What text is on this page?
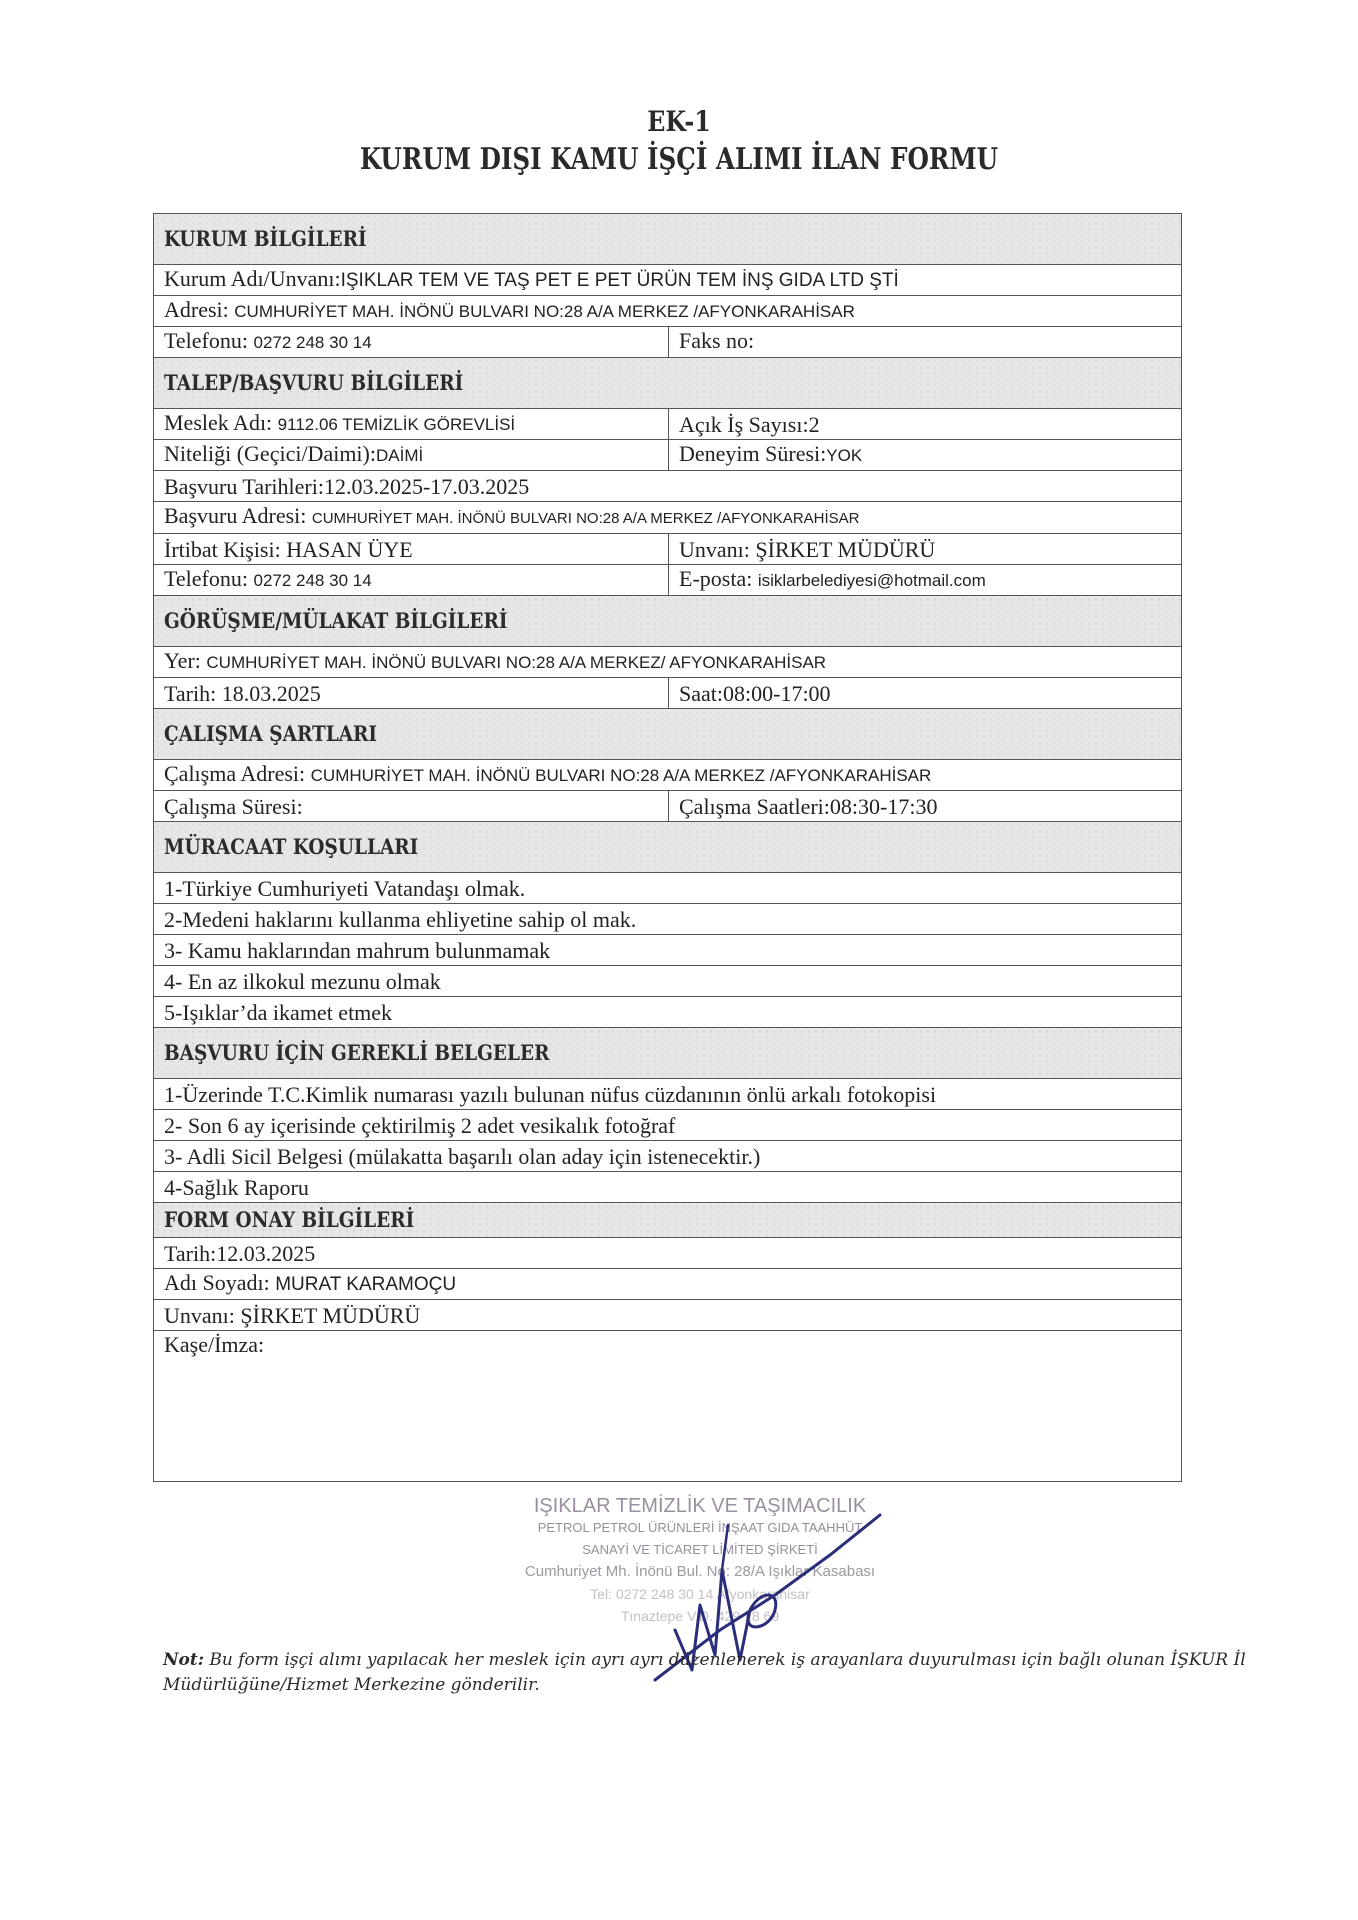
EK-1
KURUM DIŞI KAMU İŞÇİ ALIMI İLAN FORMU
KURUM BİLGİLERİ	
Kurum Adı/Unvanı:IŞIKLAR TEM VE TAŞ PET E PET ÜRÜN TEM İNŞ GIDA LTD ŞTİ	
Adresi: CUMHURİYET MAH. İNÖNÜ BULVARI NO:28 A/A MERKEZ /AFYONKARAHİSAR	
Telefonu: 0272 248 30 14	Faks no:
TALEP/BAŞVURU BİLGİLERİ	
Meslek Adı: 9112.06 TEMİZLİK GÖREVLİSİ	Açık İş Sayısı:2
Niteliği (Geçici/Daimi):DAİMİ	Deneyim Süresi:YOK
Başvuru Tarihleri:12.03.2025-17.03.2025	
Başvuru Adresi: CUMHURİYET MAH. İNÖNÜ BULVARI NO:28 A/A MERKEZ /AFYONKARAHİSAR	
İrtibat Kişisi: HASAN ÜYE	Unvanı: ŞİRKET MÜDÜRÜ
Telefonu: 0272 248 30 14	E-posta: isiklarbelediyesi@hotmail.com
GÖRÜŞME/MÜLAKAT BİLGİLERİ	
Yer: CUMHURİYET MAH. İNÖNÜ BULVARI NO:28 A/A MERKEZ/ AFYONKARAHİSAR	
Tarih: 18.03.2025	Saat:08:00-17:00
ÇALIŞMA ŞARTLARI	
Çalışma Adresi: CUMHURİYET MAH. İNÖNÜ BULVARI NO:28 A/A MERKEZ /AFYONKARAHİSAR	
Çalışma Süresi:	Çalışma Saatleri:08:30-17:30
MÜRACAAT KOŞULLARI	
1-Türkiye Cumhuriyeti Vatandaşı olmak.	
2-Medeni haklarını kullanma ehliyetine sahip ol mak.	
3- Kamu haklarından mahrum bulunmamak	
4- En az ilkokul mezunu olmak	
5-Işıklar’da ikamet etmek	
BAŞVURU İÇİN GEREKLİ BELGELER	
1-Üzerinde T.C.Kimlik numarası yazılı bulunan nüfus cüzdanının önlü arkalı fotokopisi	
2- Son 6 ay içerisinde çektirilmiş 2 adet vesikalık fotoğraf	
3- Adli Sicil Belgesi (mülakatta başarılı olan aday için istenecektir.)	
4-Sağlık Raporu	
FORM ONAY BİLGİLERİ	
Tarih:12.03.2025	
Adı Soyadı: MURAT KARAMOÇU	
Unvanı: ŞİRKET MÜDÜRÜ	
Kaşe/İmza:	
IŞIKLAR TEMİZLİK VE TAŞIMACILIK
PETROL PETROL ÜRÜNLERİ İNŞAAT GIDA TAAHHÜT
SANAYİ VE TİCARET LİMİTED ŞİRKETİ
Cumhuriyet Mh. İnönü Bul. No: 28/A Işıklar Kasabası
Tel: 0272 248 30 14 Afyonkarahisar
Tınaztepe V.D. 429 18 69
Not: Bu form işçi alımı yapılacak her meslek için ayrı ayrı düzenlenerek iş arayanlara duyurulması için bağlı olunan İŞKUR İl Müdürlüğüne/Hizmet Merkezine gönderilir.
